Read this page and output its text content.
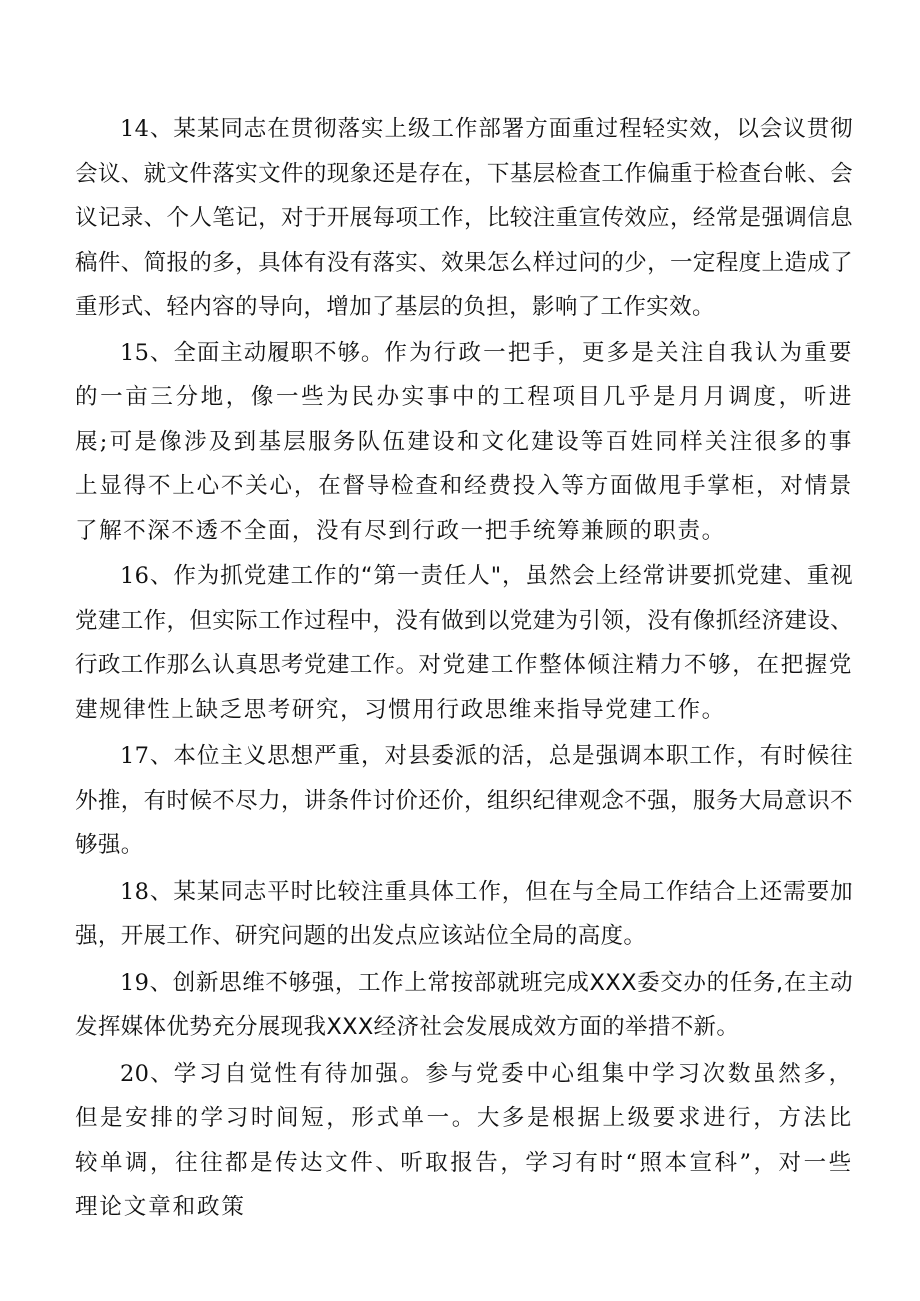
14、某某同志在贯彻落实上级工作部署方面重过程轻实效，以会议贯彻会议、就文件落实文件的现象还是存在，下基层检查工作偏重于检查台帐、会议记录、个人笔记，对于开展每项工作，比较注重宣传效应，经常是强调信息稿件、简报的多，具体有没有落实、效果怎么样过问的少，一定程度上造成了重形式、轻内容的导向，增加了基层的负担，影响了工作实效。

15、全面主动履职不够。作为行政一把手，更多是关注自我认为重要的一亩三分地，像一些为民办实事中的工程项目几乎是月月调度，听进展;可是像涉及到基层服务队伍建设和文化建设等百姓同样关注很多的事上显得不上心不关心，在督导检查和经费投入等方面做甩手掌柜，对情景了解不深不透不全面，没有尽到行政一把手统筹兼顾的职责。

16、作为抓党建工作的“第一责任人"，虽然会上经常讲要抓党建、重视党建工作，但实际工作过程中，没有做到以党建为引领，没有像抓经济建设、行政工作那么认真思考党建工作。对党建工作整体倾注精力不够，在把握党建规律性上缺乏思考研究，习惯用行政思维来指导党建工作。

17、本位主义思想严重，对县委派的活，总是强调本职工作，有时候往外推，有时候不尽力，讲条件讨价还价，组织纪律观念不强，服务大局意识不够强。

18、某某同志平时比较注重具体工作，但在与全局工作结合上还需要加强，开展工作、研究问题的出发点应该站位全局的高度。

19、创新思维不够强，工作上常按部就班完成XXX委交办的任务,在主动发挥媒体优势充分展现我XXX经济社会发展成效方面的举措不新。

20、学习自觉性有待加强。参与党委中心组集中学习次数虽然多，但是安排的学习时间短，形式单一。大多是根据上级要求进行，方法比较单调，往往都是传达文件、听取报告，学习有时“照本宣科”，对一些理论文章和政策
